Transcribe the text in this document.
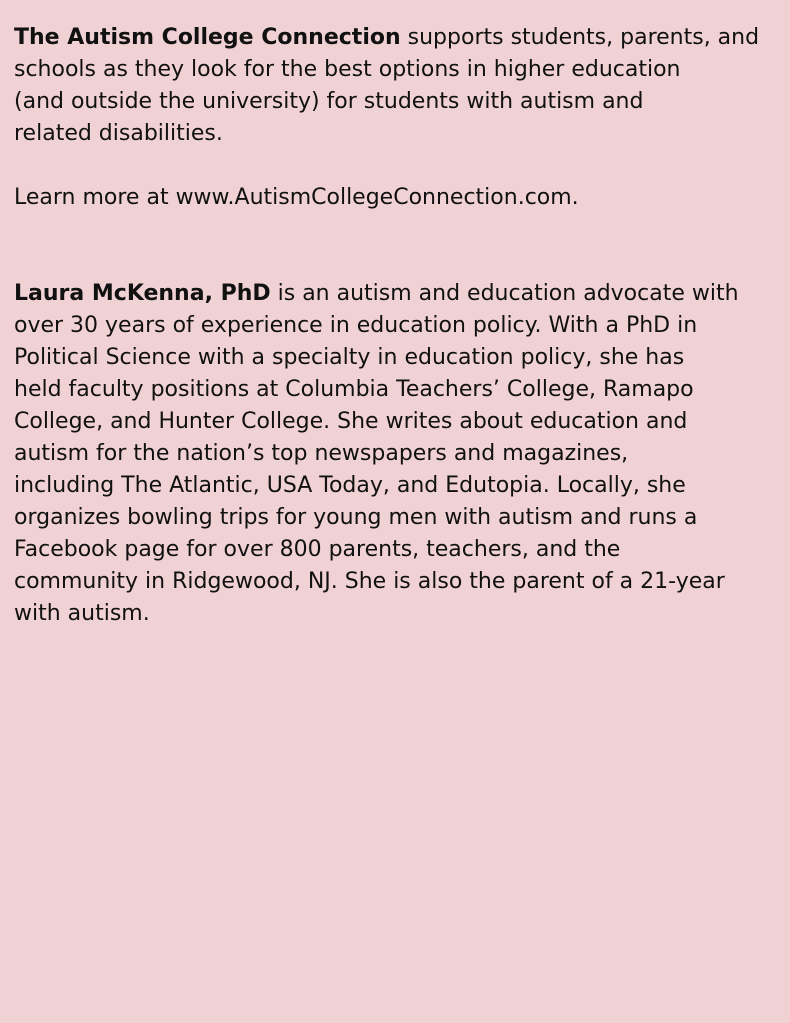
The Autism College Connection supports students, parents, and
schools as they look for the best options in higher education
(and outside the university) for students with autism and
related disabilities.

Learn more at www.AutismCollegeConnection.com.

Laura McKenna, PhD is an autism and education advocate with
over 30 years of experience in education policy. With a PhD in
Political Science with a specialty in education policy, she has
held faculty positions at Columbia Teachers’ College, Ramapo
College, and Hunter College. She writes about education and
autism for the nation’s top newspapers and magazines,
including The Atlantic, USA Today, and Edutopia. Locally, she
organizes bowling trips for young men with autism and runs a
Facebook page for over 800 parents, teachers, and the
community in Ridgewood, NJ. She is also the parent of a 21-year
with autism.
